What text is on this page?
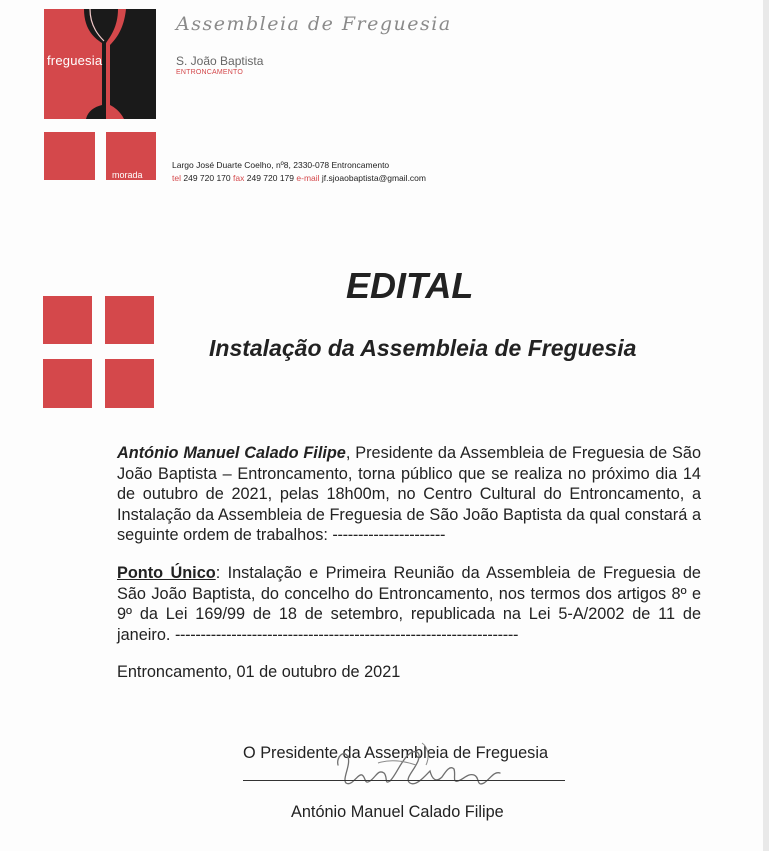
freguesia
morada
Assembleia de Freguesia
S. João Baptista
ENTRONCAMENTO
Largo José Duarte Coelho, nº8, 2330-078 Entroncamento
tel 249 720 170 fax 249 720 179 e-mail jf.sjoaobaptista@gmail.com
EDITAL
Instalação da Assembleia de Freguesia
António Manuel Calado Filipe, Presidente da Assembleia de Freguesia de São João Baptista – Entroncamento, torna público que se realiza no próximo dia 14 de outubro de 2021, pelas 18h00m, no Centro Cultural do Entroncamento, a Instalação da Assembleia de Freguesia de São João Baptista da qual constará a seguinte ordem de trabalhos: ----------------------
Ponto Único: Instalação e Primeira Reunião da Assembleia de Freguesia de São João Baptista, do concelho do Entroncamento, nos termos dos artigos 8º e 9º da Lei 169/99 de 18 de setembro, republicada na Lei 5-A/2002 de 11 de janeiro. -------------------------------------------------------------------
Entroncamento, 01 de outubro de 2021
O Presidente da Assembleia de Freguesia
António Manuel Calado Filipe
